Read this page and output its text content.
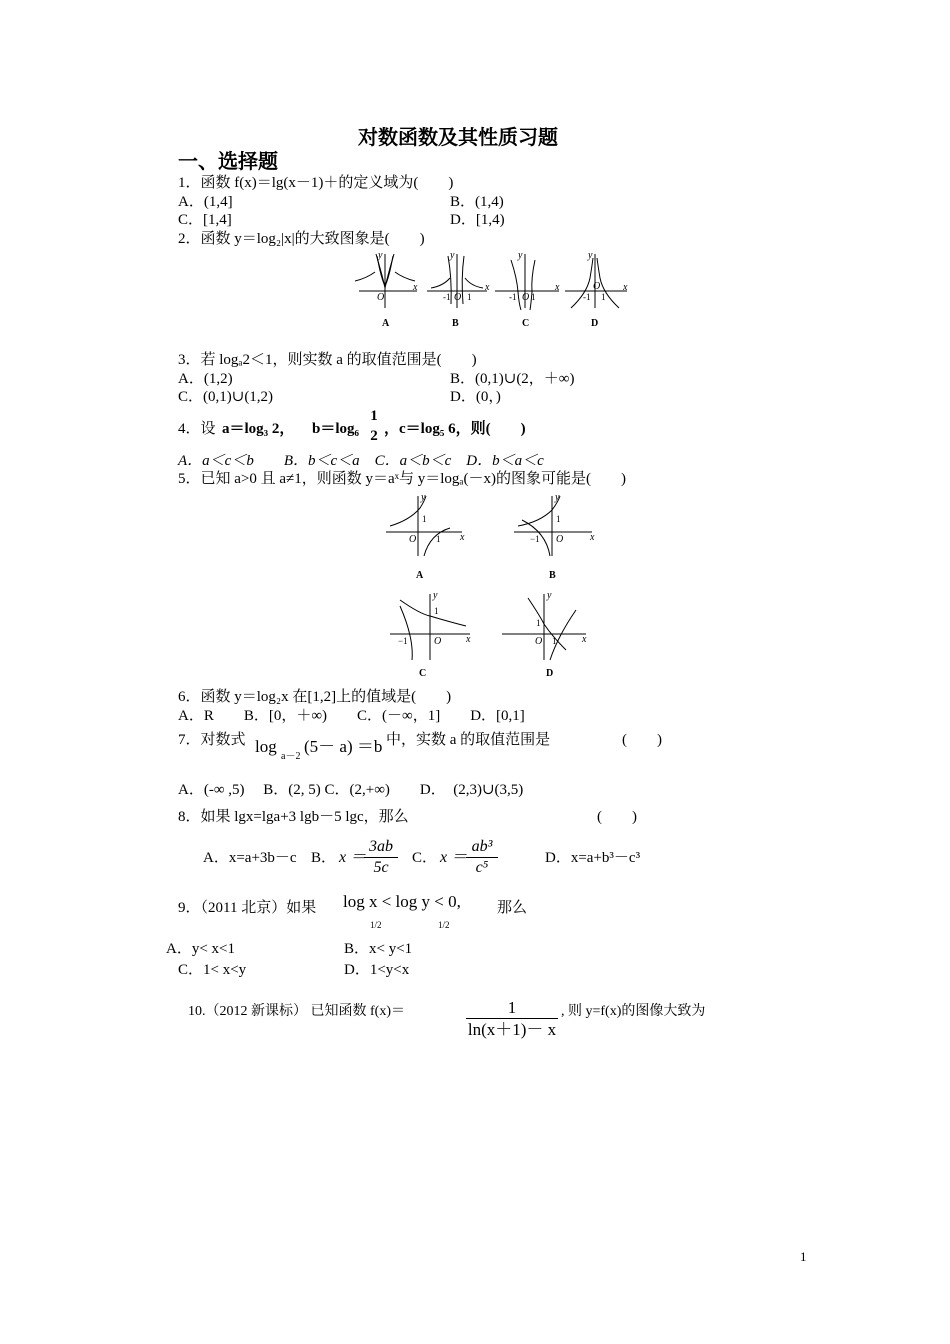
对数函数及其性质习题
一、选择题
1．函数 f(x)＝lg(x－1)＋的定义域为(　　)
A．(1,4]	B．(1,4)
C．[1,4]	D．[1,4)
2．函数 y＝log₂|x|的大致图象是(　　)
y
O
x
y
O
x
y
O
x
y
O x
-1 1	-1 1	-1 1
A	B	C	D
3．若 logₐ2＜1，则实数 a 的取值范围是(　　)
A．(1,2)	B．(0,1)∪(2，＋∞)
C．(0,1)∪(1,2)	D．(0，)
4．设 a＝log₃ 2， b＝log₆
1
2 ，c＝log₅ 6，则(　　)
A．a＜c＜b　　B．b＜c＜a　C．a＜b＜c　D．b＜a＜c
5．已知 a>0 且 a≠1，则函数 y＝aˣ与 y＝logₐ(－x)的图象可能是(　　)
y
O	x
y
O	x
y
O x
y
O	x
1
1
1
−1
1
−1
1
1
A	B
C	D
6．函数 y＝log₂x 在[1,2]上的值域是(　　)
A．R　　B．[0，＋∞)　　C．(－∞，1]　　D．[0,1]
7．对数式 log
a－2
(5－ a) ＝b 中，实数 a 的取值范围是	(　　)
A．(-∞ ,5)　 B．(2, 5) C．(2,+∞)　　D．　(2,3)∪(3,5)
8．如果 lgx=lga+3 lgb－5 lgc，那么	(　　)
A．x=a+3b－c B． x ＝
3ab
5c
C． x ＝
ab³
c⁵
D．x=a+b³－c³
9．（2011 北京）如果 log x < log y < 0,
1/2	1/2
那么
A．y< x<1	B．x< y<1
C．1< x<y	D．1<y<x
10.（2012 新课标） 已知函数 f(x)＝	1
ln(x＋1)－ x
, 则 y=f(x)的图像大致为
1
